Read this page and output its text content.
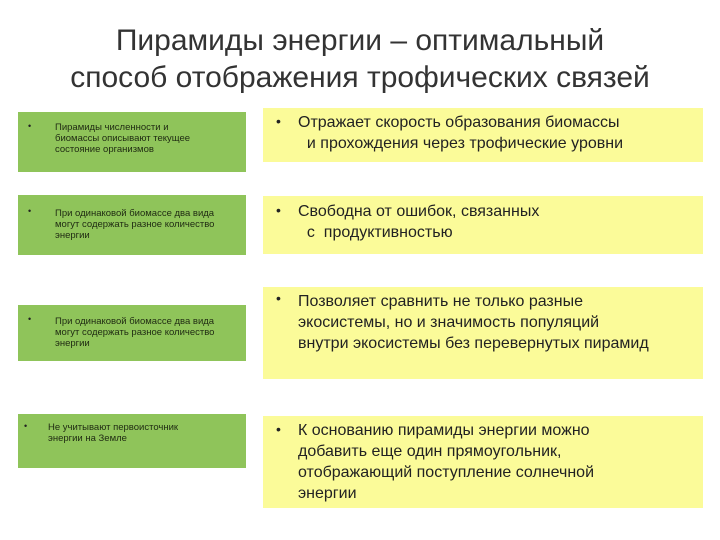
Пирамиды энергии – оптимальный
способ отображения трофических связей
•	Пирамиды численности и
биомассы описывают текущее
состояние организмов
•	При одинаковой биомассе два вида
могут содержать разное количество
энергии
•	При одинаковой биомассе два вида
могут содержать разное количество
энергии
• Не учитывают первоисточник
энергии на Земле
• Отражает скорость образования биомассы
и прохождения через трофические уровни
• Свободна от ошибок, связанных
с  продуктивностью
• Позволяет сравнить не только разные
экосистемы, но и значимость популяций
внутри экосистемы без перевернутых пирамид
• К основанию пирамиды энергии можно
добавить еще один прямоугольник,
отображающий поступление солнечной
энергии
